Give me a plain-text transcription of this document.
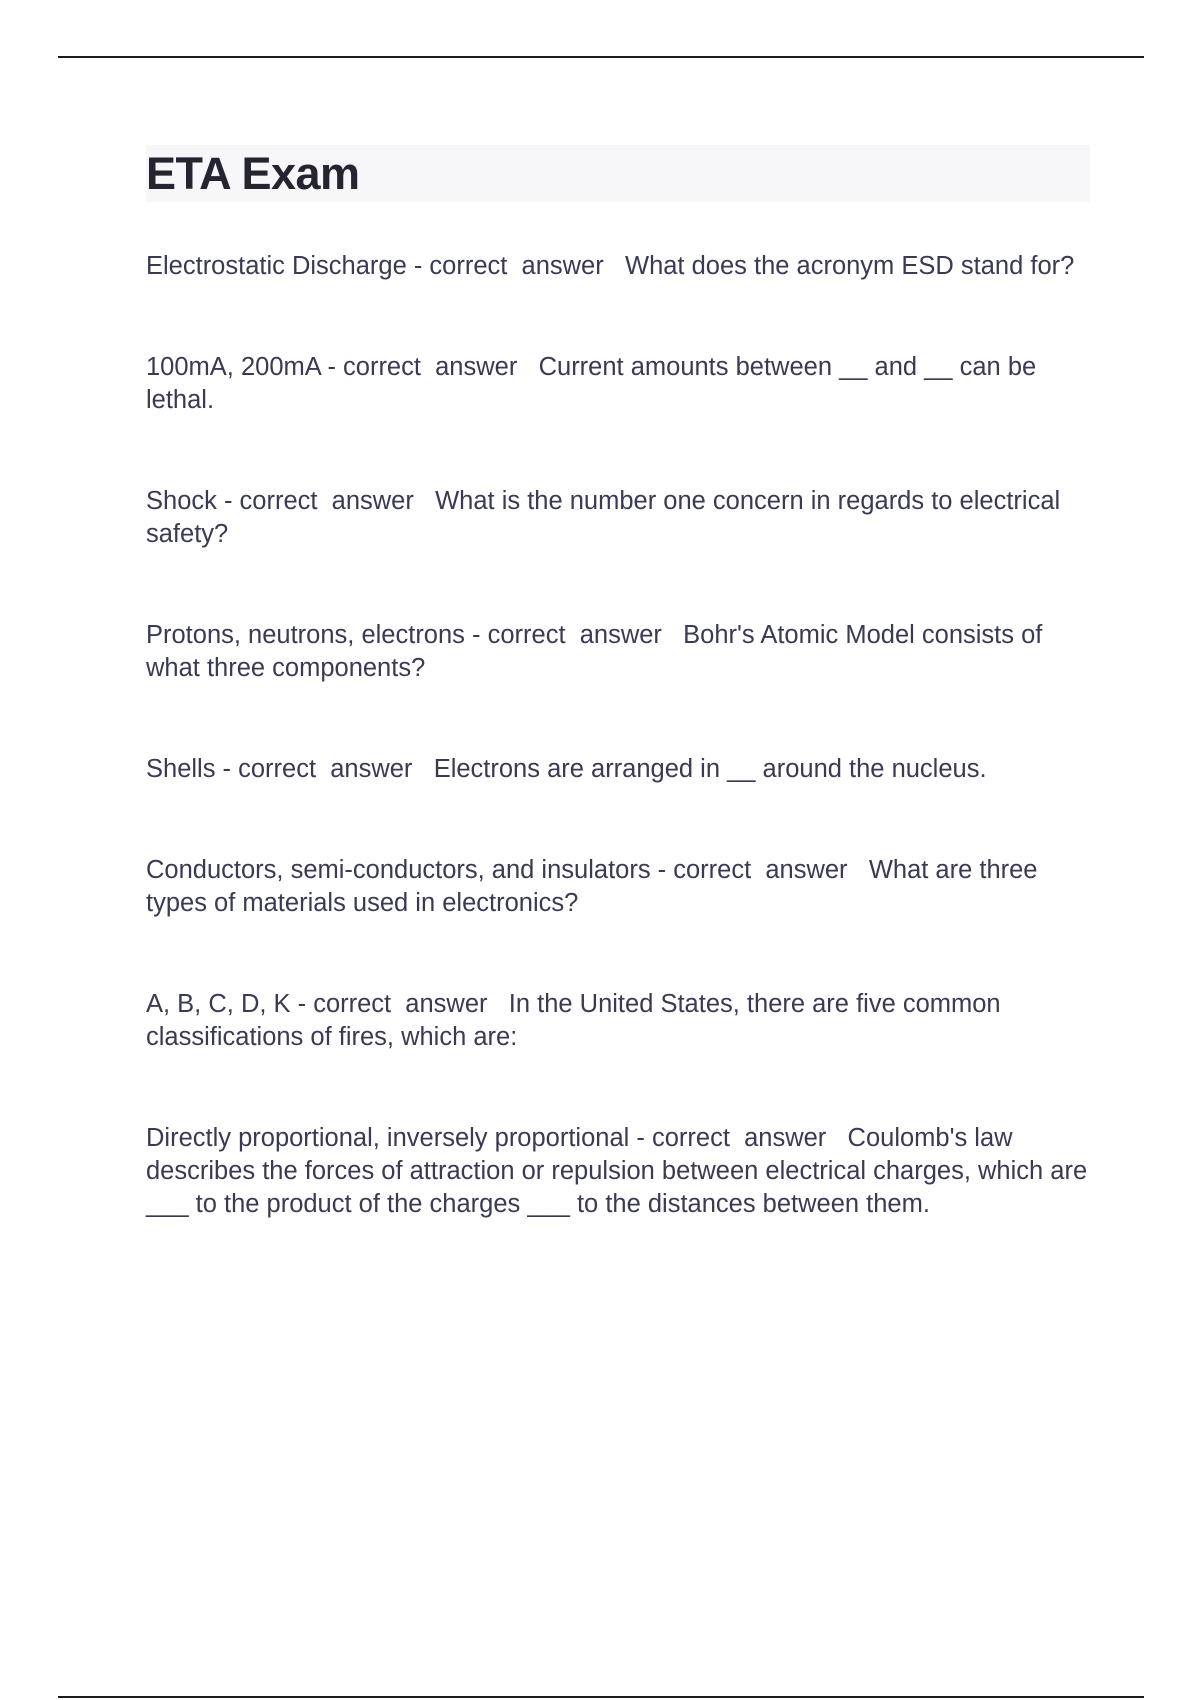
ETA Exam

Electrostatic Discharge - correct  answer   What does the acronym ESD stand for?

100mA, 200mA - correct  answer   Current amounts between __ and __ can be lethal.

Shock - correct  answer   What is the number one concern in regards to electrical safety?

Protons, neutrons, electrons - correct  answer   Bohr's Atomic Model consists of what three components?

Shells - correct  answer   Electrons are arranged in __ around the nucleus.

Conductors, semi-conductors, and insulators - correct  answer   What are three types of materials used in electronics?

A, B, C, D, K - correct  answer   In the United States, there are five common classifications of fires, which are:

Directly proportional, inversely proportional - correct  answer   Coulomb's law describes the forces of attraction or repulsion between electrical charges, which are ___ to the product of the charges ___ to the distances between them.
